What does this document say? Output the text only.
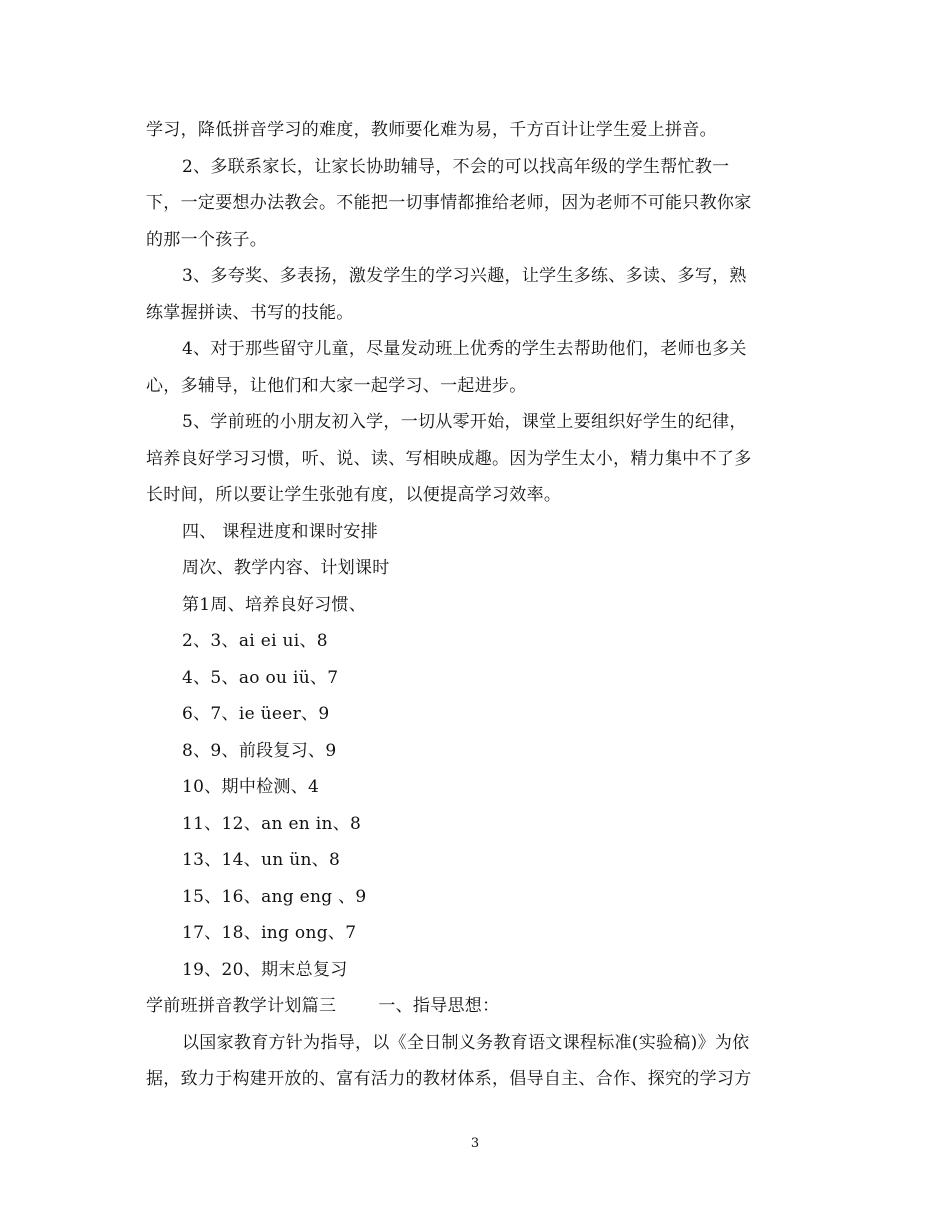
学习，降低拼音学习的难度，教师要化难为易，千方百计让学生爱上拼音。
2、多联系家长，让家长协助辅导，不会的可以找高年级的学生帮忙教一
下，一定要想办法教会。不能把一切事情都推给老师，因为老师不可能只教你家
的那一个孩子。
3、多夸奖、多表扬，激发学生的学习兴趣，让学生多练、多读、多写，熟
练掌握拼读、书写的技能。
4、对于那些留守儿童，尽量发动班上优秀的学生去帮助他们，老师也多关
心，多辅导，让他们和大家一起学习、一起进步。
5、学前班的小朋友初入学，一切从零开始，课堂上要组织好学生的纪律，
培养良好学习习惯，听、说、读、写相映成趣。因为学生太小，精力集中不了多
长时间，所以要让学生张弛有度，以便提高学习效率。
四、 课程进度和课时安排
周次、教学内容、计划课时
第1周、培养良好习惯、
2、3、ai ei ui、8
4、5、ao ou iü、7
6、7、ie üeer、9
8、9、前段复习、9
10、期中检测、4
11、12、an en in、8
13、14、un ün、8
15、16、ang eng 、9
17、18、ing ong、7
19、20、期末总复习
学前班拼音教学计划篇三 一、指导思想：
以国家教育方针为指导，以《全日制义务教育语文课程标准(实验稿)》为依
据，致力于构建开放的、富有活力的教材体系，倡导自主、合作、探究的学习方
3
